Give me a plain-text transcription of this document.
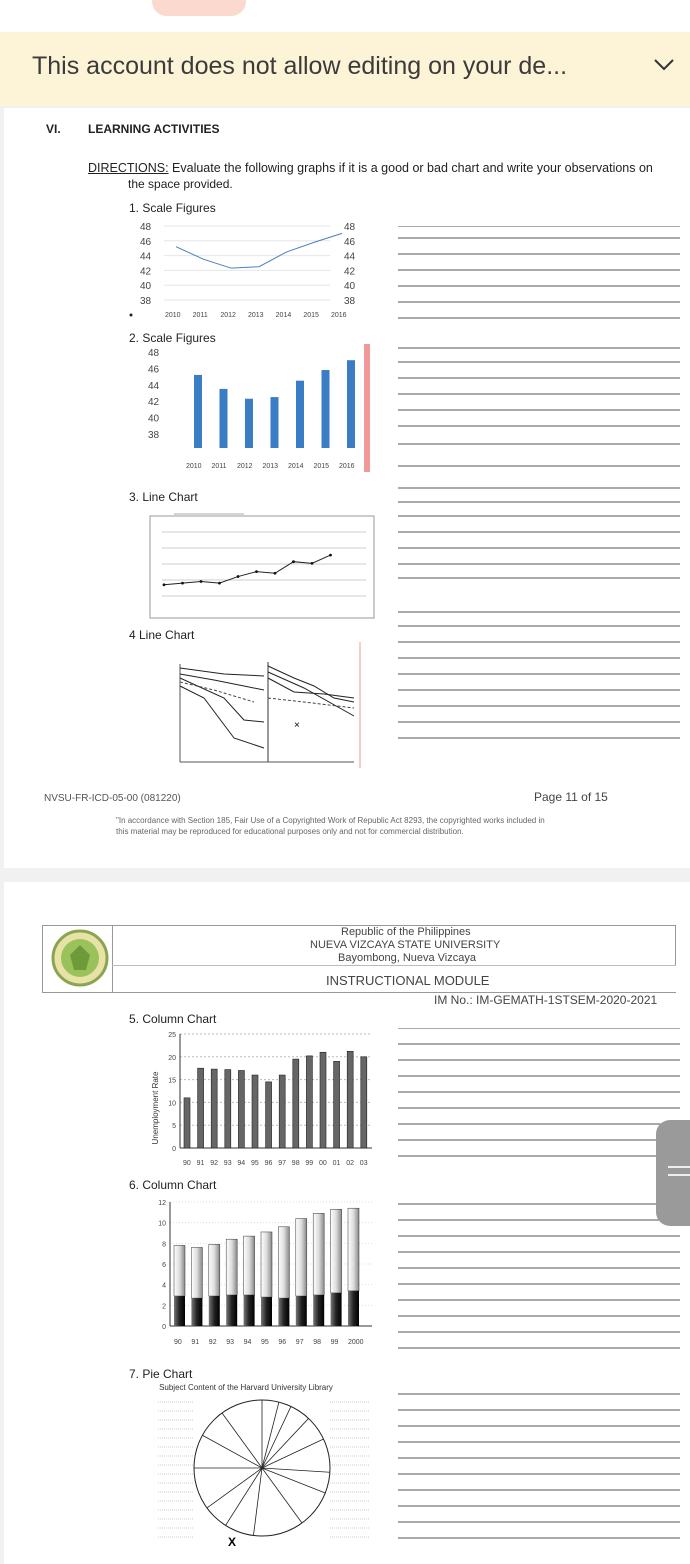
This account does not allow editing on your de...
VI. LEARNING ACTIVITIES
DIRECTIONS: Evaluate the following graphs if it is a good or bad chart and write your observations on
the space provided.
1. Scale Figures
2. Scale Figures
3. Line Chart
4 Line Chart
48	48
46	46
44	44
42	42
40	40
38	38
2010 2011 2012 2013 2014 2015 2016
48
46
44
42
40
38
2010 2011 2012 2013 2014 2015 2016
×
NVSU-FR-ICD-05-00 (081220)	Page 11 of 15
"In accordance with Section 185, Fair Use of a Copyrighted Work of Republic Act 8293, the copyrighted works included in
this material may be reproduced for educational purposes only and not for commercial distribution.
Republic of the Philippines
NUEVA VIZCAYA STATE UNIVERSITY
Bayombong, Nueva Vizcaya
INSTRUCTIONAL MODULE
IM No.: IM-GEMATH-1STSEM-2020-2021
5. Column Chart
6. Column Chart
7. Pie Chart
Unemployment Rate
25
20
15
10
5
0
90 91 92 93 94 95 96 97 98 99 00 01 02 03
12
10
8
6
4
2
0
90 91 92 93 94 95 96 97 98 99 2000
Subject Content of the Harvard University Library
X
